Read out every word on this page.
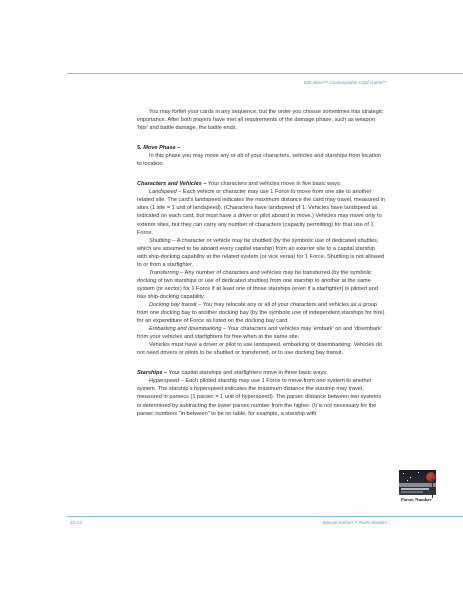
Star Wars™ Customizable Card Game™

You may forfeit your cards in any sequence, but the order you choose sometimes has strategic importance. After both players have met all requirements of the damage phase, such as weapon 'hits' and battle damage, the battle ends.

5. Move Phase –

In this phase you may move any or all of your characters, vehicles and starships from location to location.

Characters and Vehicles – Your characters and vehicles move in five basic ways:

Landspeed – Each vehicle or character may use 1 Force to move from one site to another related site. The card's landspeed indicates the maximum distance the card may travel, measured in sites (1 site = 1 unit of landspeed). (Characters have landspeed of 1. Vehicles have landspeed as indicated on each card, but must have a driver or pilot aboard to move.) Vehicles may move only to exterior sites, but they can carry any number of characters (capacity permitting) for that use of 1 Force.

Shuttling – A character or vehicle may be shuttled (by the symbolic use of dedicated shuttles, which are assumed to be aboard every capital starship) from an exterior site to a capital starship with ship-docking capability at the related system (or vice versa) for 1 Force. Shuttling is not allowed to or from a starfighter.

Transferring – Any number of characters and vehicles may be transferred (by the symbolic docking of two starships or use of dedicated shuttles) from one starship to another at the same system (or sector) for 1 Force if at least one of those starships (even if a starfighter) is piloted and has ship-docking capability.

Docking bay transit – You may relocate any or all of your characters and vehicles as a group from one docking bay to another docking bay (by the symbolic use of independent starships for hire) for an expenditure of Force as listed on the docking bay card.

Embarking and disembarking – Your characters and vehicles may 'embark' on and 'disembark' from your vehicles and starfighters for free when at the same site.

Vehicles must have a driver or pilot to use landspeed, embarking or disembarking. Vehicles do not need drivers or pilots to be shuttled or transferred, or to use docking bay transit.

Starships – Your capital starships and starfighters move in three basic ways:

Hyperspeed – Each piloted starship may use 1 Force to move from one system to another system. The starship's hyperspeed indicates the maximum distance the starship may travel, measured in parsecs (1 parsec = 1 unit of hyperspeed). The parsec distance between two systems is determined by subtracting the lower parsec number from the higher. (It is not necessary for the parsec numbers "in between" to be on table; for example, a starship with

Parsec Number
10-13	Special Edition™ Rules Booklet
